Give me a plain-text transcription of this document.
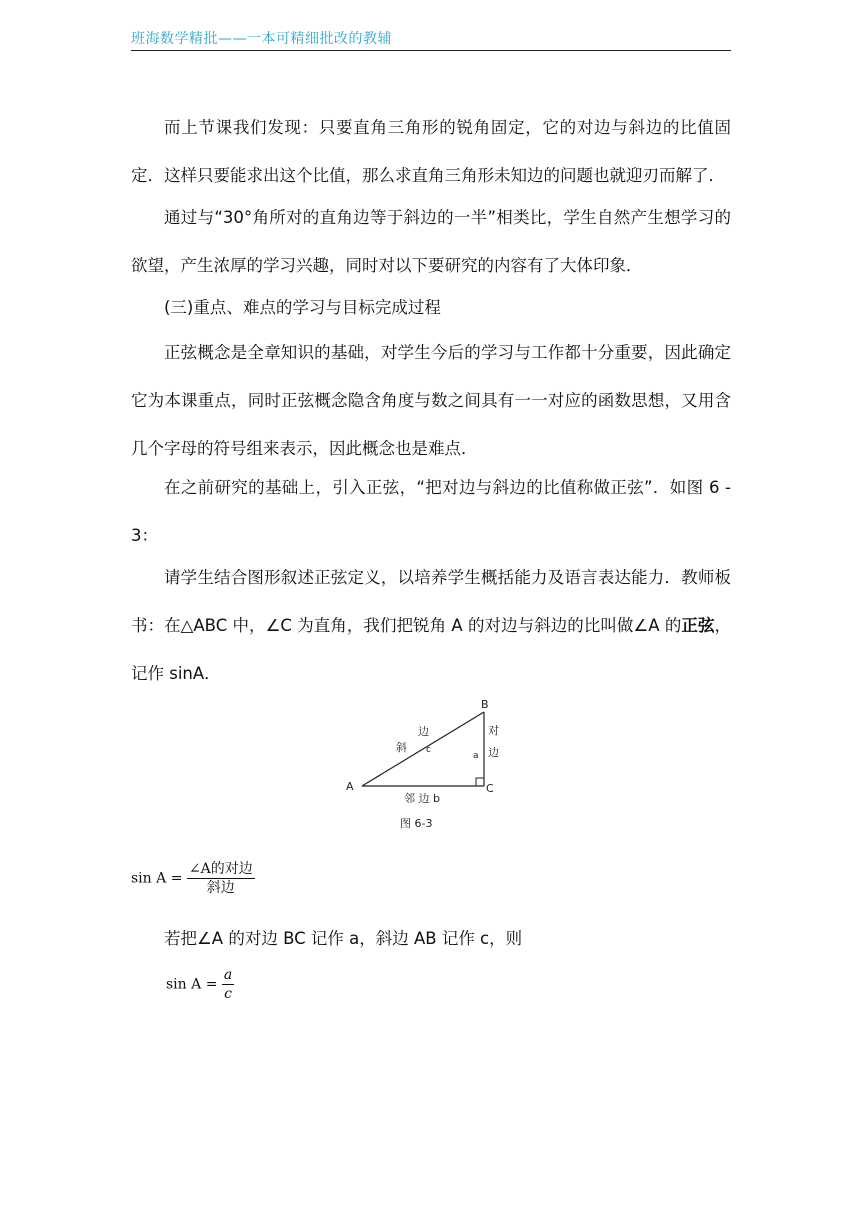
班海数学精批——一本可精细批改的教辅

而上节课我们发现：只要直角三角形的锐角固定，它的对边与斜边的比值固定．这样只要能求出这个比值，那么求直角三角形未知边的问题也就迎刃而解了．

通过与“30°角所对的直角边等于斜边的一半”相类比，学生自然产生想学习的欲望，产生浓厚的学习兴趣，同时对以下要研究的内容有了大体印象．

(三)重点、难点的学习与目标完成过程

正弦概念是全章知识的基础，对学生今后的学习与工作都十分重要，因此确定它为本课重点，同时正弦概念隐含角度与数之间具有一一对应的函数思想，又用含几个字母的符号组来表示，因此概念也是难点．

在之前研究的基础上，引入正弦，“把对边与斜边的比值称做正弦”．如图 6 - 3：

请学生结合图形叙述正弦定义，以培养学生概括能力及语言表达能力．教师板书：在△ABC 中，∠C 为直角，我们把锐角 A 的对边与斜边的比叫做∠A 的正弦，记作 sinA．

若把∠A 的对边 BC 记作 a，斜边 AB 记作 c，则

A
B
C
边
斜 c
对
边
a
邻 边 b
图 6-3
$\sin A = \frac{\text{∠A的对边}}{\text{斜边}}$
$\sin A = \frac{a}{c}$
